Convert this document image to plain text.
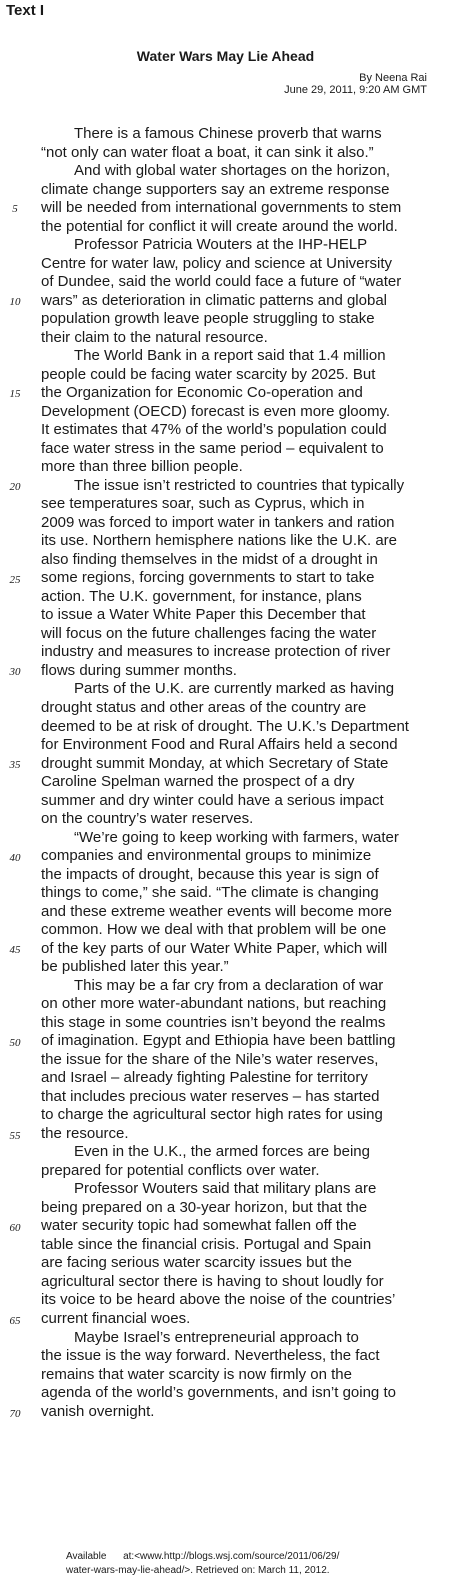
Text I
Water Wars May Lie Ahead
By Neena Rai
June 29, 2011, 9:20 AM GMT
There is a famous Chinese proverb that warns
“not only can water float a boat, it can sink it also.”
And with global water shortages on the horizon,
climate change supporters say an extreme response
will be needed from international governments to stem
the potential for conflict it will create around the world.
Professor Patricia Wouters at the IHP-HELP
Centre for water law, policy and science at University
of Dundee, said the world could face a future of “water
wars” as deterioration in climatic patterns and global
population growth leave people struggling to stake
their claim to the natural resource.
The World Bank in a report said that 1.4 million
people could be facing water scarcity by 2025. But
the Organization for Economic Co-operation and
Development (OECD) forecast is even more gloomy.
It estimates that 47% of the world’s population could
face water stress in the same period – equivalent to
more than three billion people.
The issue isn’t restricted to countries that typically
see temperatures soar, such as Cyprus, which in
2009 was forced to import water in tankers and ration
its use. Northern hemisphere nations like the U.K. are
also finding themselves in the midst of a drought in
some regions, forcing governments to start to take
action. The U.K. government, for instance, plans
to issue a Water White Paper this December that
will focus on the future challenges facing the water
industry and measures to increase protection of river
flows during summer months.
Parts of the U.K. are currently marked as having
drought status and other areas of the country are
deemed to be at risk of drought. The U.K.’s Department
for Environment Food and Rural Affairs held a second
drought summit Monday, at which Secretary of State
Caroline Spelman warned the prospect of a dry
summer and dry winter could have a serious impact
on the country’s water reserves.
“We’re going to keep working with farmers, water
companies and environmental groups to minimize
the impacts of drought, because this year is sign of
things to come,” she said. “The climate is changing
and these extreme weather events will become more
common. How we deal with that problem will be one
of the key parts of our Water White Paper, which will
be published later this year.”
This may be a far cry from a declaration of war
on other more water-abundant nations, but reaching
this stage in some countries isn’t beyond the realms
of imagination. Egypt and Ethiopia have been battling
the issue for the share of the Nile’s water reserves,
and Israel – already fighting Palestine for territory
that includes precious water reserves – has started
to charge the agricultural sector high rates for using
the resource.
Even in the U.K., the armed forces are being
prepared for potential conflicts over water.
Professor Wouters said that military plans are
being prepared on a 30-year horizon, but that the
water security topic had somewhat fallen off the
table since the financial crisis. Portugal and Spain
are facing serious water scarcity issues but the
agricultural sector there is having to shout loudly for
its voice to be heard above the noise of the countries’
current financial woes.
Maybe Israel’s entrepreneurial approach to
the issue is the way forward. Nevertheless, the fact
remains that water scarcity is now firmly on the
agenda of the world’s governments, and isn’t going to
vanish overnight.
5
10
15
20
25
30
35
40
45
50
55
60
65
70
Available      at:<www.http://blogs.wsj.com/source/2011/06/29/
water-wars-may-lie-ahead/>. Retrieved on: March 11, 2012.
